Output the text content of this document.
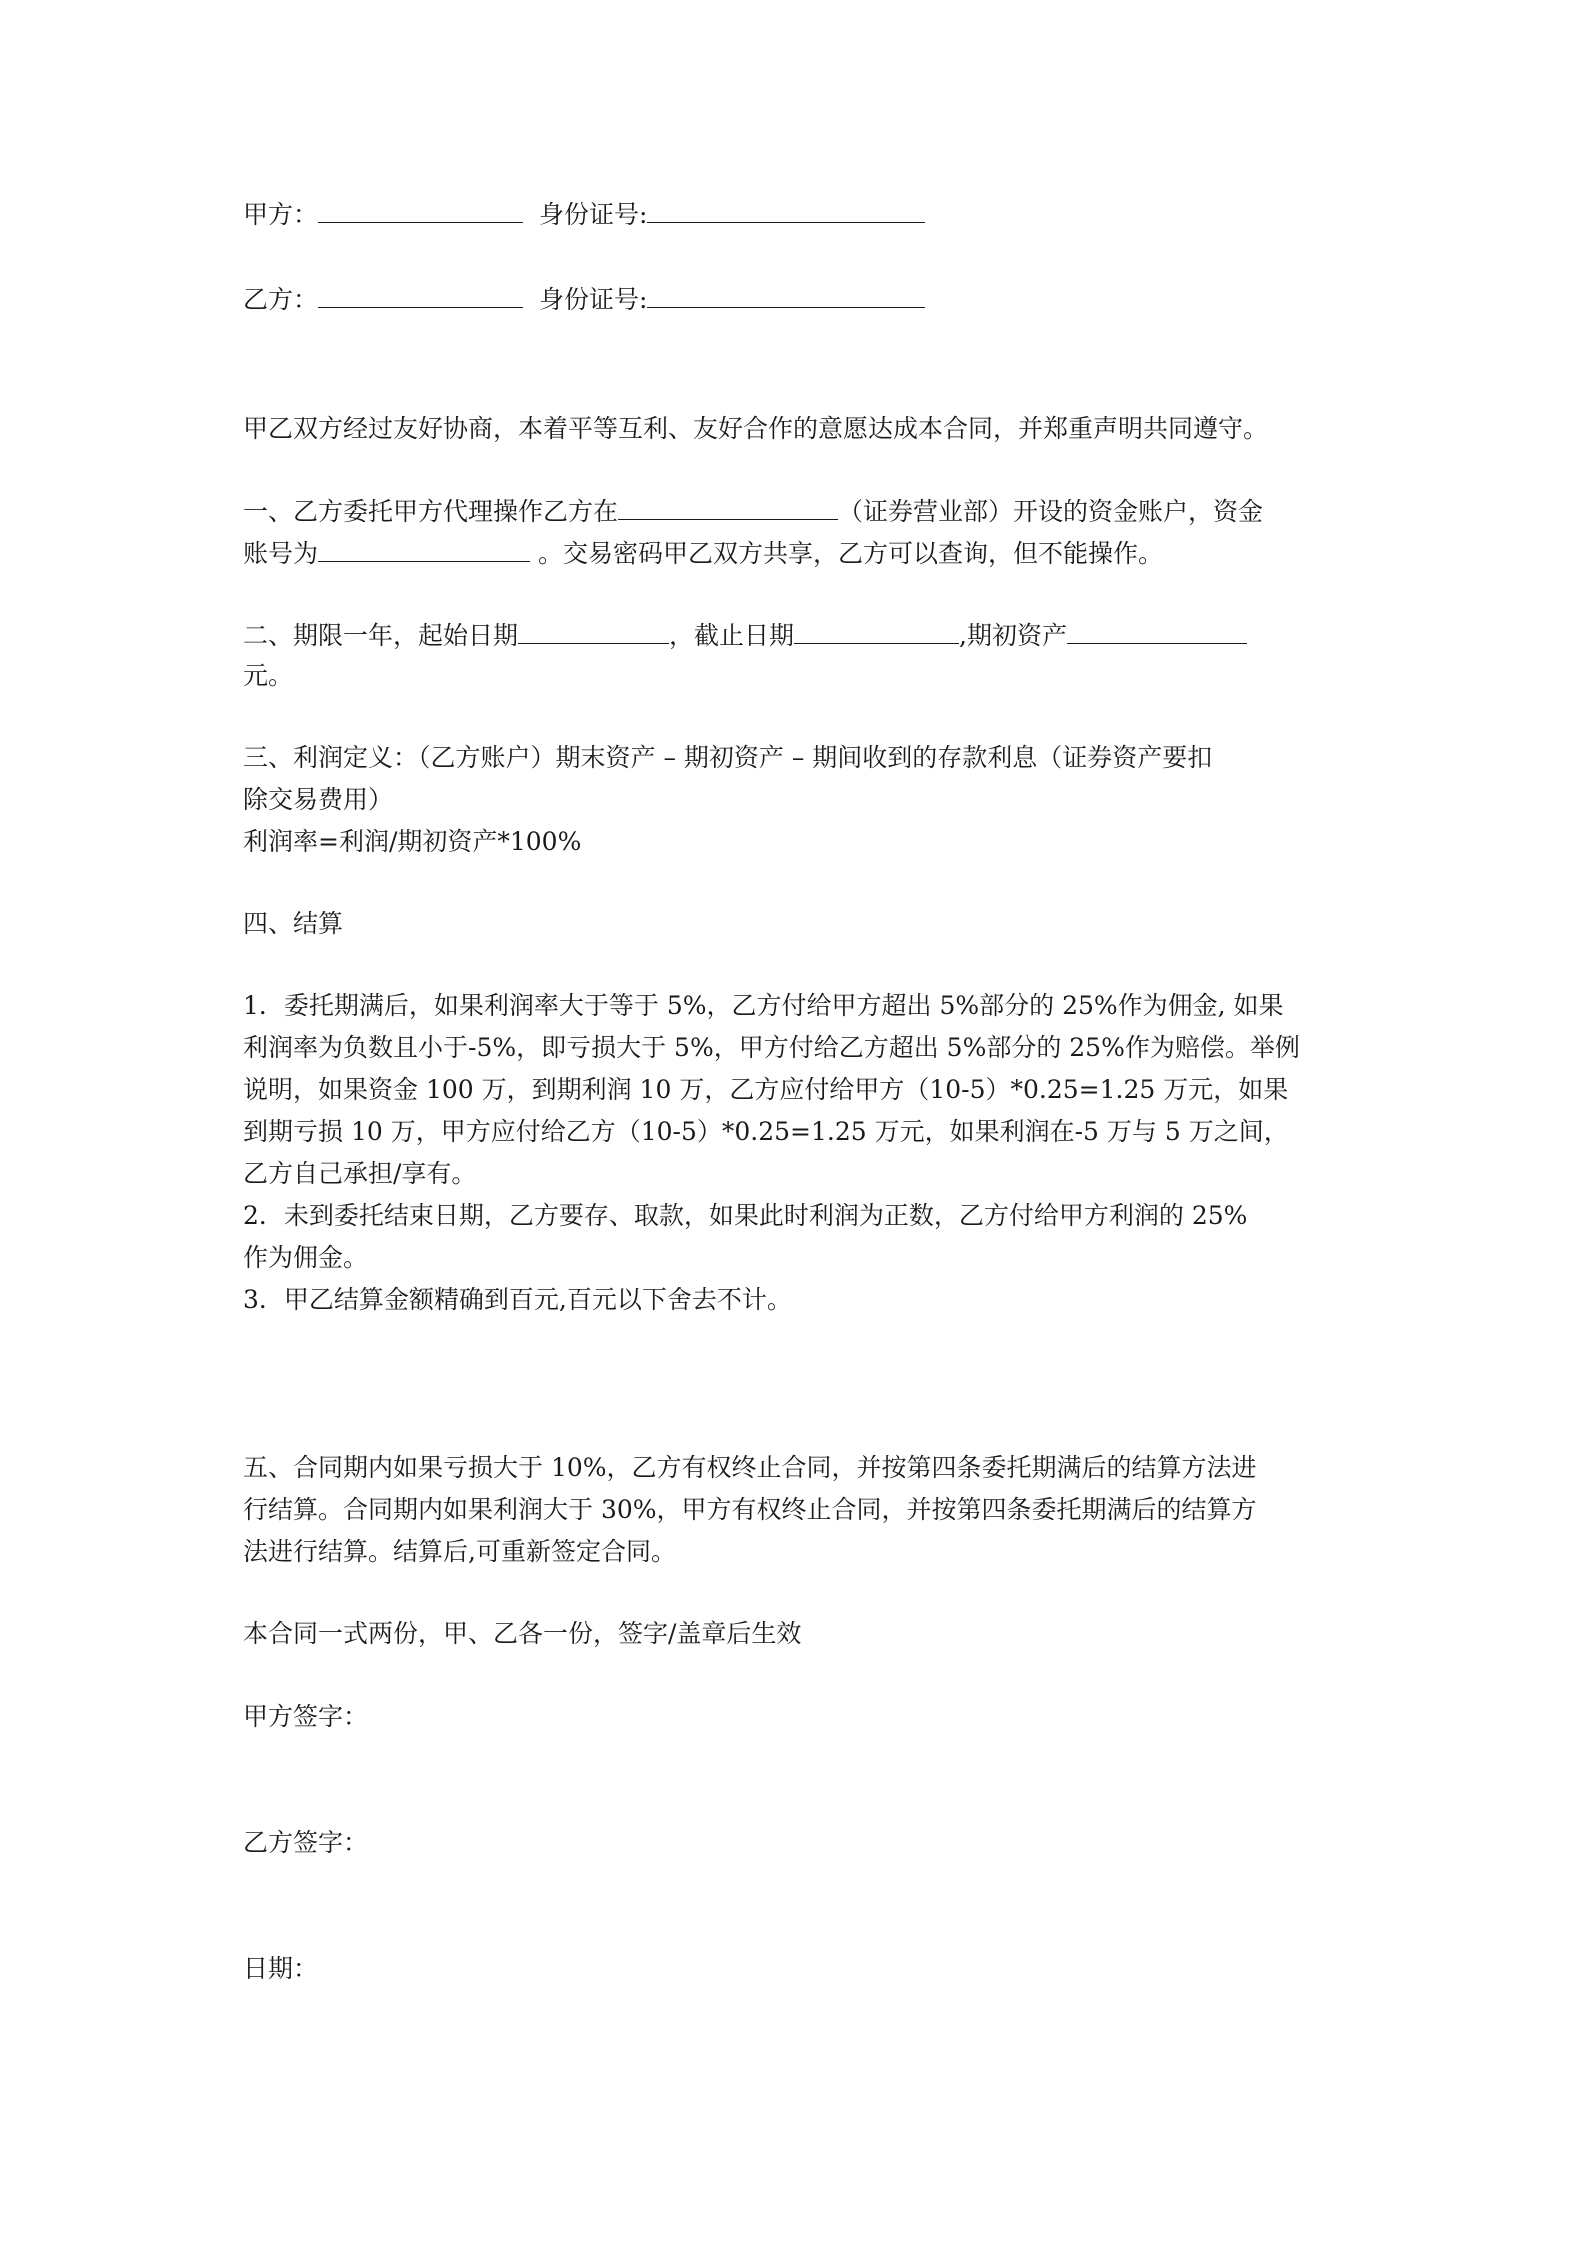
甲方：	身份证号:
乙方：	身份证号:
甲乙双方经过友好协商，本着平等互利、友好合作的意愿达成本合同，并郑重声明共同遵守。
一、乙方委托甲方代理操作乙方在	（证券营业部）开设的资金账户，资金
账号为	。交易密码甲乙双方共享，乙方可以查询，但不能操作。
二、期限一年，起始日期	，截止日期	,期初资产
元。
三、利润定义：（乙方账户）期末资产 – 期初资产 – 期间收到的存款利息（证券资产要扣
除交易费用）
利润率=利润/期初资产*100%
四、结算
1．委托期满后，如果利润率大于等于 5%，乙方付给甲方超出 5%部分的 25%作为佣金, 如果
利润率为负数且小于-5%，即亏损大于 5%，甲方付给乙方超出 5%部分的 25%作为赔偿。举例
说明，如果资金 100 万，到期利润 10 万，乙方应付给甲方（10-5）*0.25=1.25 万元，如果
到期亏损 10 万，甲方应付给乙方（10-5）*0.25=1.25 万元，如果利润在-5 万与 5 万之间，
乙方自己承担/享有。
2．未到委托结束日期，乙方要存、取款，如果此时利润为正数，乙方付给甲方利润的 25%
作为佣金。
3．甲乙结算金额精确到百元,百元以下舍去不计。
五、合同期内如果亏损大于 10%，乙方有权终止合同，并按第四条委托期满后的结算方法进
行结算。合同期内如果利润大于 30%，甲方有权终止合同，并按第四条委托期满后的结算方
法进行结算。结算后,可重新签定合同。
本合同一式两份，甲、乙各一份，签字/盖章后生效
甲方签字：
乙方签字：
日期：
